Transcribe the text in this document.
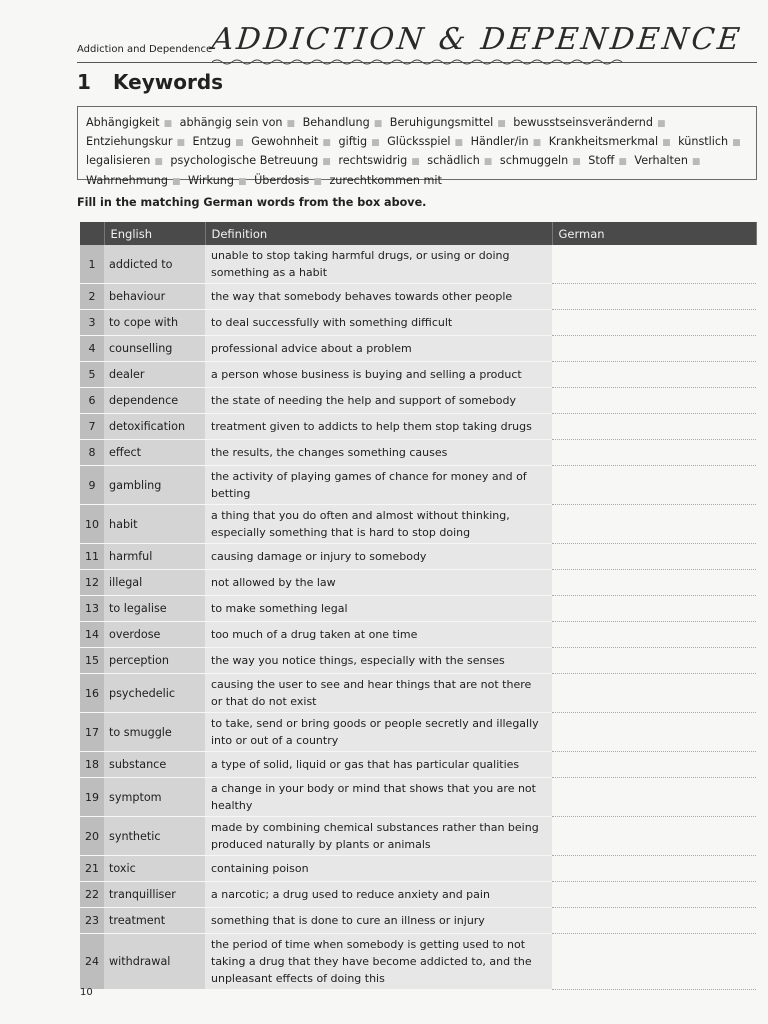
Addiction and Dependence
ADDICTION & DEPENDENCE
1 Keywords
Abhängigkeit ■ abhängig sein von ■ Behandlung ■ Beruhigungsmittel ■ bewusstseinsverändernd ■ Entziehungskur ■ Entzug ■ Gewohnheit ■ giftig ■ Glücksspiel ■ Händler/in ■ Krankheitsmerkmal ■ künstlich ■ legalisieren ■ psychologische Betreuung ■ rechtswidrig ■ schädlich ■ schmuggeln ■ Stoff ■ Verhalten ■ Wahrnehmung ■ Wirkung ■ Überdosis ■ zurechtkommen mit
Fill in the matching German words from the box above.
	English	Definition	German
1	addicted to	unable to stop taking harmful drugs, or using or doing something as a habit	
2	behaviour	the way that somebody behaves towards other people	
3	to cope with	to deal successfully with something difficult	
4	counselling	professional advice about a problem	
5	dealer	a person whose business is buying and selling a product	
6	dependence	the state of needing the help and support of somebody	
7	detoxification	treatment given to addicts to help them stop taking drugs	
8	effect	the results, the changes something causes	
9	gambling	the activity of playing games of chance for money and of betting	
10	habit	a thing that you do often and almost without thinking, especially something that is hard to stop doing	
11	harmful	causing damage or injury to somebody	
12	illegal	not allowed by the law	
13	to legalise	to make something legal	
14	overdose	too much of a drug taken at one time	
15	perception	the way you notice things, especially with the senses	
16	psychedelic	causing the user to see and hear things that are not there or that do not exist	
17	to smuggle	to take, send or bring goods or people secretly and illegally into or out of a country	
18	substance	a type of solid, liquid or gas that has particular qualities	
19	symptom	a change in your body or mind that shows that you are not healthy	
20	synthetic	made by combining chemical substances rather than being produced naturally by plants or animals	
21	toxic	containing poison	
22	tranquilliser	a narcotic; a drug used to reduce anxiety and pain	
23	treatment	something that is done to cure an illness or injury	
24	withdrawal	the period of time when somebody is getting used to not taking a drug that they have become addicted to, and the unpleasant effects of doing this	
10
